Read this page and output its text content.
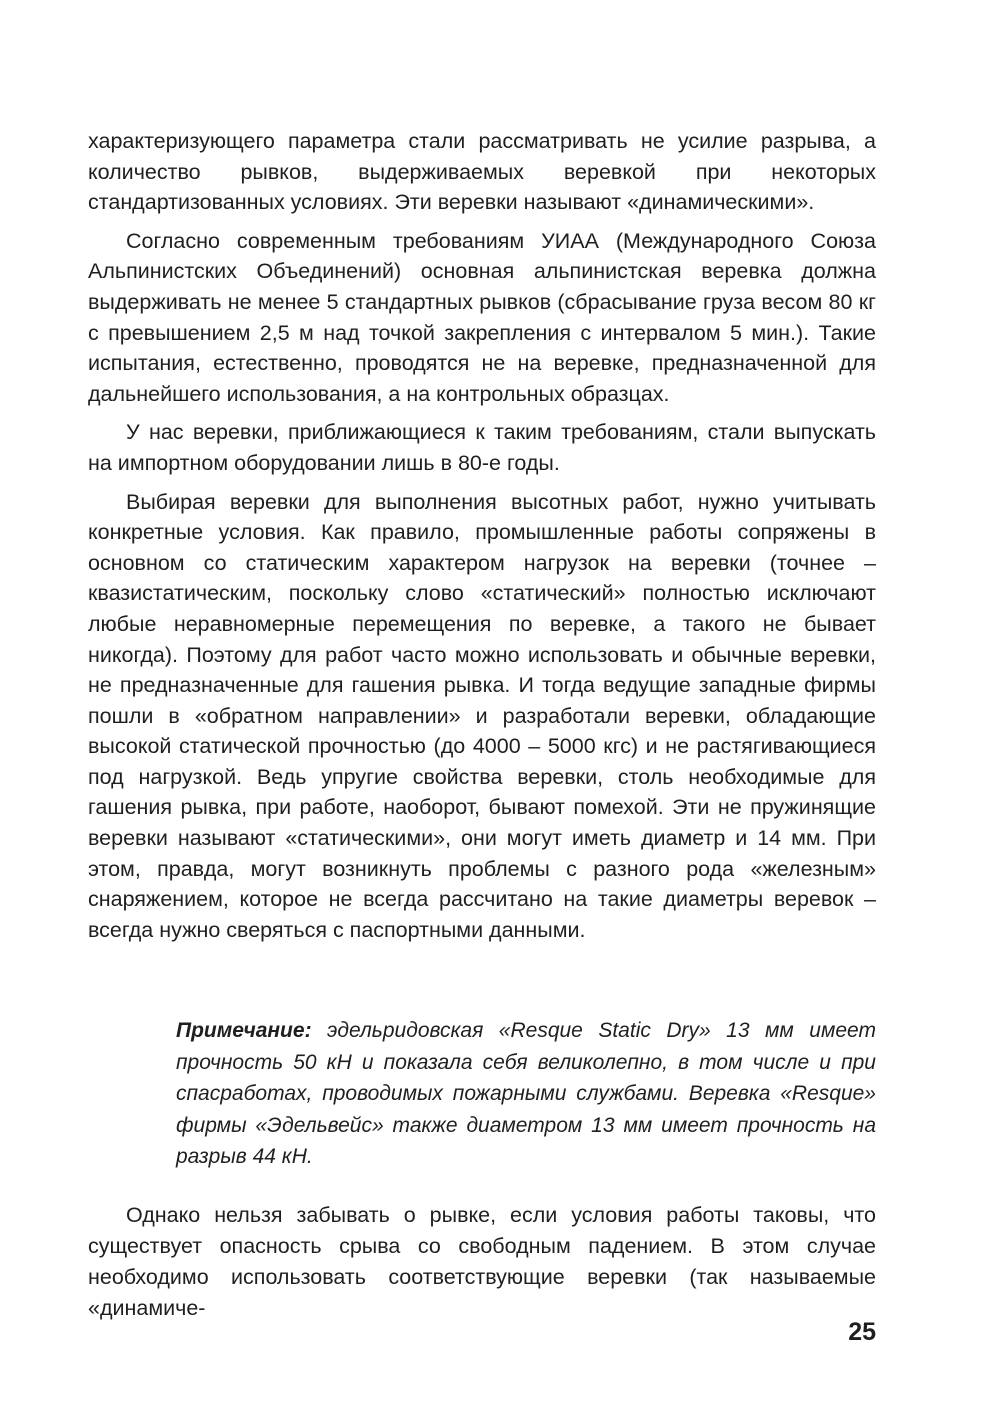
характеризующего параметра стали рассматривать не усилие разрыва, а количество рывков, выдерживаемых веревкой при некоторых стандартизованных условиях. Эти веревки называют «динамическими».

Согласно современным требованиям УИАА (Международного Союза Альпинистских Объединений) основная альпинистская веревка должна выдерживать не менее 5 стандартных рывков (сбрасывание груза весом 80 кг с превышением 2,5 м над точкой закрепления с интервалом 5 мин.). Такие испытания, естественно, проводятся не на веревке, предназначенной для дальнейшего использования, а на контрольных образцах.

У нас веревки, приближающиеся к таким требованиям, стали выпускать на импортном оборудовании лишь в 80-е годы.

Выбирая веревки для выполнения высотных работ, нужно учитывать конкретные условия. Как правило, промышленные работы сопряжены в основном со статическим характером нагрузок на веревки (точнее – квазистатическим, поскольку слово «статический» полностью исключают любые неравномерные перемещения по веревке, а такого не бывает никогда). Поэтому для работ часто можно использовать и обычные веревки, не предназначенные для гашения рывка. И тогда ведущие западные фирмы пошли в «обратном направлении» и разработали веревки, обладающие высокой статической прочностью (до 4000 – 5000 кгс) и не растягивающиеся под нагрузкой. Ведь упругие свойства веревки, столь необходимые для гашения рывка, при работе, наоборот, бывают помехой. Эти не пружинящие веревки называют «статическими», они могут иметь диаметр и 14 мм. При этом, правда, могут возникнуть проблемы с разного рода «железным» снаряжением, которое не всегда рассчитано на такие диаметры веревок – всегда нужно сверяться с паспортными данными.

Примечание: эдельридовская «Resque Static Dry» 13 мм имеет прочность 50 кН и показала себя великолепно, в том числе и при спасработах, проводимых пожарными службами. Веревка «Resque» фирмы «Эдельвейс» также диаметром 13 мм имеет прочность на разрыв 44 кН.

Однако нельзя забывать о рывке, если условия работы таковы, что существует опасность срыва со свободным падением. В этом случае необходимо использовать соответствующие веревки (так называемые «динамиче-

25
